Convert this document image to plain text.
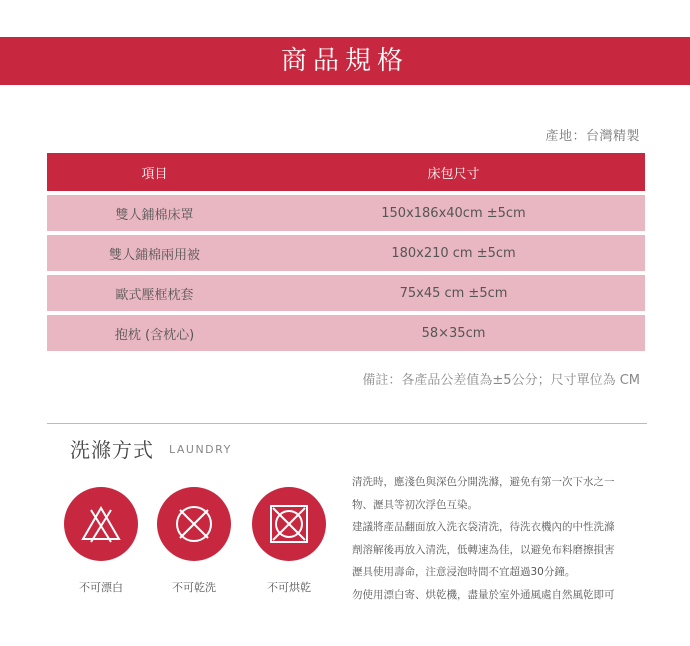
商品規格
產地：台灣精製
項目	床包尺寸
雙人鋪棉床罩	150x186x40cm ±5cm
雙人鋪棉兩用被	180x210 cm ±5cm
歐式壓框枕套	75x45 cm ±5cm
抱枕 (含枕心)	58×35cm
備註：各產品公差值為±5公分；尺寸單位為 CM
洗滌方式 LAUNDRY
不可漂白	不可乾洗	不可烘乾

清洗時，應淺色與深色分開洗滌，避免有第一次下水之一

物、瀝具等初次浮色互染。

建議將產品翻面放入洗衣袋清洗，待洗衣機內的中性洗滌

劑溶解後再放入清洗，低轉速為佳，以避免布料磨擦損害

瀝具使用壽命，注意浸泡時間不宜超過30分鐘。

勿使用漂白寄、烘乾機，盡量於室外通風處自然風乾即可
